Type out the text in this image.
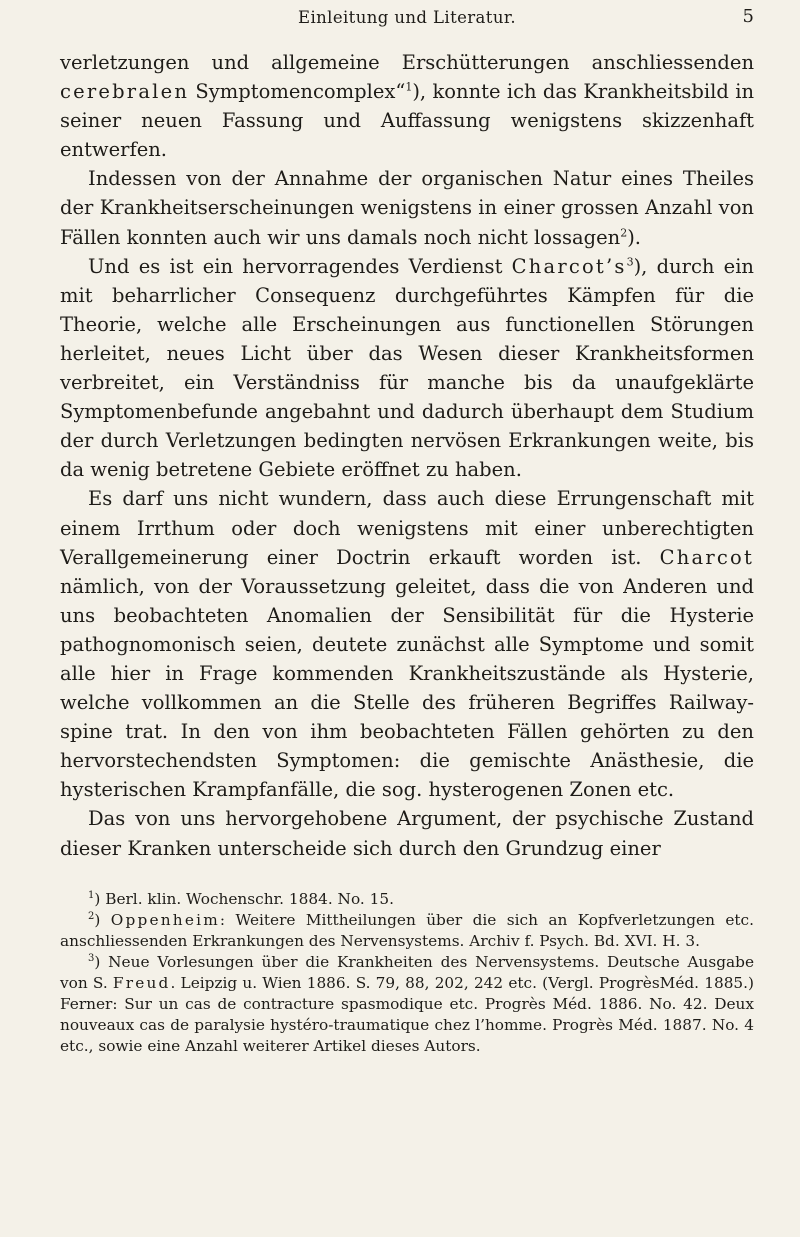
Einleitung und Literatur.	5

verletzungen und allgemeine Erschütterungen anschliessenden cerebralen Symptomencomplex“$^1$), konnte ich das Krankheitsbild in seiner neuen Fassung und Auffassung wenigstens skizzenhaft entwerfen.

Indessen von der Annahme der organischen Natur eines Theiles der Krankheitserscheinungen wenigstens in einer grossen Anzahl von Fällen konnten auch wir uns damals noch nicht lossagen$^2$).

Und es ist ein hervorragendes Verdienst $Charcot’s^3$), durch ein mit beharrlicher Consequenz durchgeführtes Kämpfen für die Theorie, welche alle Erscheinungen aus functionellen Störungen herleitet, neues Licht über das Wesen dieser Krankheitsformen verbreitet, ein Verständniss für manche bis da unaufgeklärte Symptomenbefunde angebahnt und dadurch überhaupt dem Studium der durch Verletzungen bedingten nervösen Erkrankungen weite, bis da wenig betretene Gebiete eröffnet zu haben.

Es darf uns nicht wundern, dass auch diese Errungenschaft mit einem Irrthum oder doch wenigstens mit einer unberechtigten Verallgemeinerung einer Doctrin erkauft worden ist. Charcot nämlich, von der Voraussetzung geleitet, dass die von Anderen und uns beobachteten Anomalien der Sensibilität für die Hysterie pathognomonisch seien, deutete zunächst alle Symptome und somit alle hier in Frage kommenden Krankheitszustände als Hysterie, welche vollkommen an die Stelle des früheren Begriffes Railway-spine trat. In den von ihm beobachteten Fällen gehörten zu den hervorstechendsten Symptomen: die gemischte Anästhesie, die hysterischen Krampfanfälle, die sog. hysterogenen Zonen etc.

Das von uns hervorgehobene Argument, der psychische Zustand dieser Kranken unterscheide sich durch den Grundzug einer

$^1$) Berl. klin. Wochenschr. 1884. No. 15.

$^2$) Oppenheim: Weitere Mittheilungen über die sich an Kopfverletzungen etc. anschliessenden Erkrankungen des Nervensystems. Archiv f. Psych. Bd. XVI. H. 3.

$^3$) Neue Vorlesungen über die Krankheiten des Nervensystems. Deutsche Ausgabe von S. Freud. Leipzig u. Wien 1886. S. 79, 88, 202, 242 etc. (Vergl. ProgrèsMéd. 1885.) Ferner: Sur un cas de contracture spasmodique etc. Progrès Méd. 1886. No. 42. Deux nouveaux cas de paralysie hystéro-traumatique chez l’homme. Progrès Méd. 1887. No. 4 etc., sowie eine Anzahl weiterer Artikel dieses Autors.
